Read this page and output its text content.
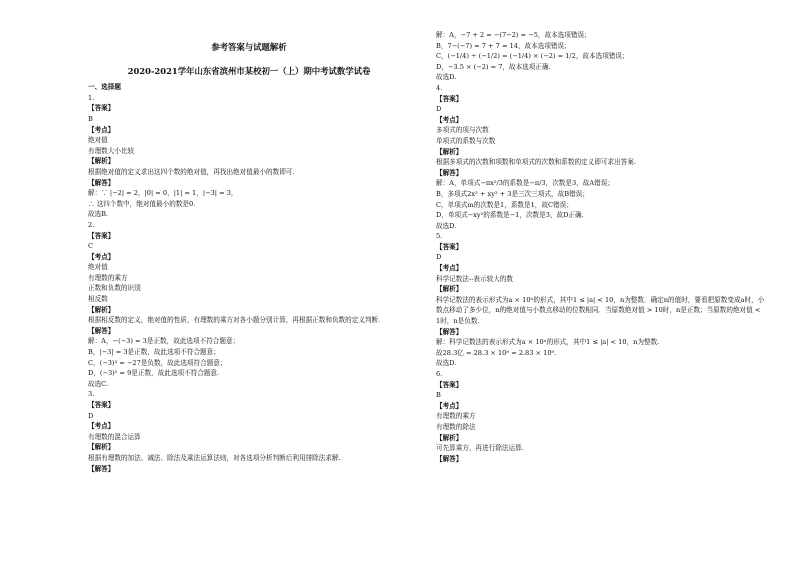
参考答案与试题解析
2020-2021学年山东省滨州市某校初一（上）期中考试数学试卷
一、选择题
1.
【答案】
B
【考点】
绝对值
有理数大小比较
【解析】
根据绝对值的定义求出这四个数的绝对值，再找出绝对值最小的数即可.
【解答】
解：∵ |−2| = 2，|0| = 0，|1| = 1，|−3| = 3，
∴ 这四个数中，绝对值最小的数是0.
故选B.
2.
【答案】
C
【考点】
绝对值
有理数的乘方
正数和负数的识别
相反数
【解析】
根据相反数的定义，绝对值的性质，有理数的乘方对各小题分别计算，再根据正数和负数的定义判断.
【解答】
解：A，−(−3) = 3是正数，故此选项不符合题意；
B，|−3| = 3是正数，故此选项不符合题意；
C，(−3)³ = −27是负数，故此选项符合题意；
D，(−3)² = 9是正数，故此选项不符合题意.
故选C.
3.
【答案】
D
【考点】
有理数的混合运算
【解析】
根据有理数的加法、减法、除法及乘法运算法则，对各选项分析判断后利用排除法求解.
【解答】
解：A，−7 + 2 = −(7−2) = −5，故本选项错误；
B，7−(−7) = 7 + 7 = 14，故本选项错误；
C，(−1/4) ÷ (−1/2) = (−1/4) × (−2) = 1/2，故本选项错误；
D，−3.5 × (−2) = 7，故本选项正确.
故选D.
4.
【答案】
D
【考点】
多项式的项与次数
单项式的系数与次数
【解析】
根据多项式的次数和项数和单项式的次数和系数的定义即可求出答案.
【解答】
解：A，单项式−πx²/3的系数是−π/3，次数是3，故A错误；
B，多项式2x² + xy² + 3是三次三项式，故B错误；
C，单项式m的次数是1，系数是1，故C错误；
D，单项式−xy²的系数是−1，次数是3，故D正确.
故选D.
5.
【答案】
D
【考点】
科学记数法--表示较大的数
【解析】
科学记数法的表示形式为a × 10ⁿ的形式，其中1 ≤ |a| < 10，n为整数．确定n的值时，要看把原数变成a时，小数点移动了多少位，n的绝对值与小数点移动的位数相同．当原数绝对值 > 10时，n是正数；当原数的绝对值 < 1时，n是负数.
【解答】
解：科学记数法的表示形式为a × 10ⁿ的形式，其中1 ≤ |a| < 10，n为整数.
故28.3亿 = 28.3 × 10⁸ = 2.83 × 10⁹.
故选D.
6.
【答案】
B
【考点】
有理数的乘方
有理数的除法
【解析】
可先算乘方，再进行除法运算.
【解答】
